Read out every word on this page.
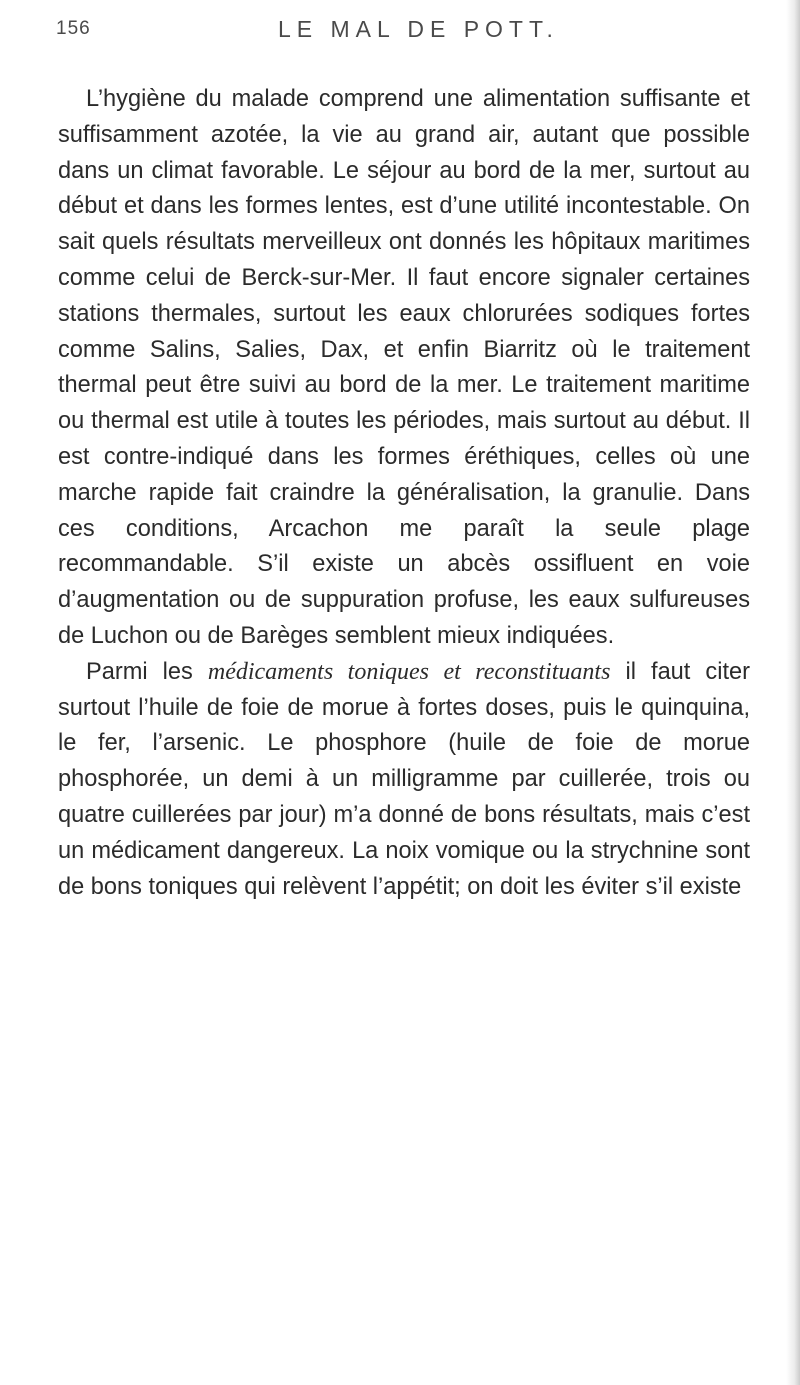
156	LE MAL DE POTT.

L’hygiène du malade comprend une alimentation suffisante et suffisamment azotée, la vie au grand air, autant que possible dans un climat favorable. Le séjour au bord de la mer, surtout au début et dans les formes lentes, est d’une utilité incontestable. On sait quels résultats merveilleux ont donnés les hôpitaux maritimes comme celui de Berck-sur-Mer. Il faut encore signaler certaines stations thermales, surtout les eaux chlorurées sodiques fortes comme Salins, Salies, Dax, et enfin Biarritz où le traitement thermal peut être suivi au bord de la mer. Le traitement maritime ou thermal est utile à toutes les périodes, mais surtout au début. Il est contre-indiqué dans les formes éréthiques, celles où une marche rapide fait craindre la généralisation, la granulie. Dans ces conditions, Arcachon me paraît la seule plage recommandable. S’il existe un abcès ossifluent en voie d’augmentation ou de suppuration profuse, les eaux sulfureuses de Luchon ou de Barèges semblent mieux indiquées.

Parmi les médicaments toniques et reconstituants il faut citer surtout l’huile de foie de morue à fortes doses, puis le quinquina, le fer, l’arsenic. Le phosphore (huile de foie de morue phosphorée, un demi à un milligramme par cuillerée, trois ou quatre cuillerées par jour) m’a donné de bons résultats, mais c’est un médicament dangereux. La noix vomique ou la strychnine sont de bons toniques qui relèvent l’appétit; on doit les éviter s’il existe
